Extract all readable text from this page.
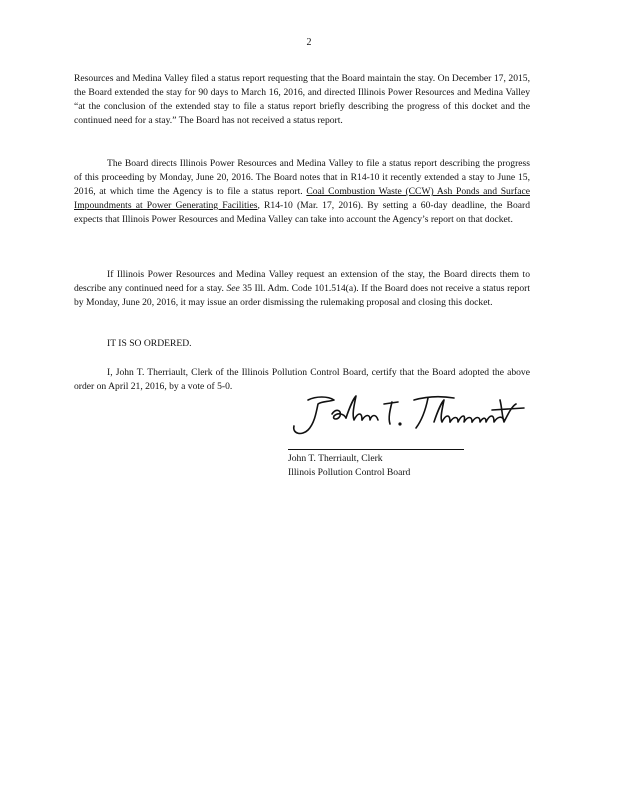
2

Resources and Medina Valley filed a status report requesting that the Board maintain the stay. On December 17, 2015, the Board extended the stay for 90 days to March 16, 2016, and directed Illinois Power Resources and Medina Valley “at the conclusion of the extended stay to file a status report briefly describing the progress of this docket and the continued need for a stay.” The Board has not received a status report.

The Board directs Illinois Power Resources and Medina Valley to file a status report describing the progress of this proceeding by Monday, June 20, 2016. The Board notes that in R14-10 it recently extended a stay to June 15, 2016, at which time the Agency is to file a status report. Coal Combustion Waste (CCW) Ash Ponds and Surface Impoundments at Power Generating Facilities, R14-10 (Mar. 17, 2016). By setting a 60-day deadline, the Board expects that Illinois Power Resources and Medina Valley can take into account the Agency’s report on that docket.

If Illinois Power Resources and Medina Valley request an extension of the stay, the Board directs them to describe any continued need for a stay. See 35 Ill. Adm. Code 101.514(a). If the Board does not receive a status report by Monday, June 20, 2016, it may issue an order dismissing the rulemaking proposal and closing this docket.

IT IS SO ORDERED.

I, John T. Therriault, Clerk of the Illinois Pollution Control Board, certify that the Board adopted the above order on April 21, 2016, by a vote of 5-0.

John T. Therriault, Clerk
Illinois Pollution Control Board
